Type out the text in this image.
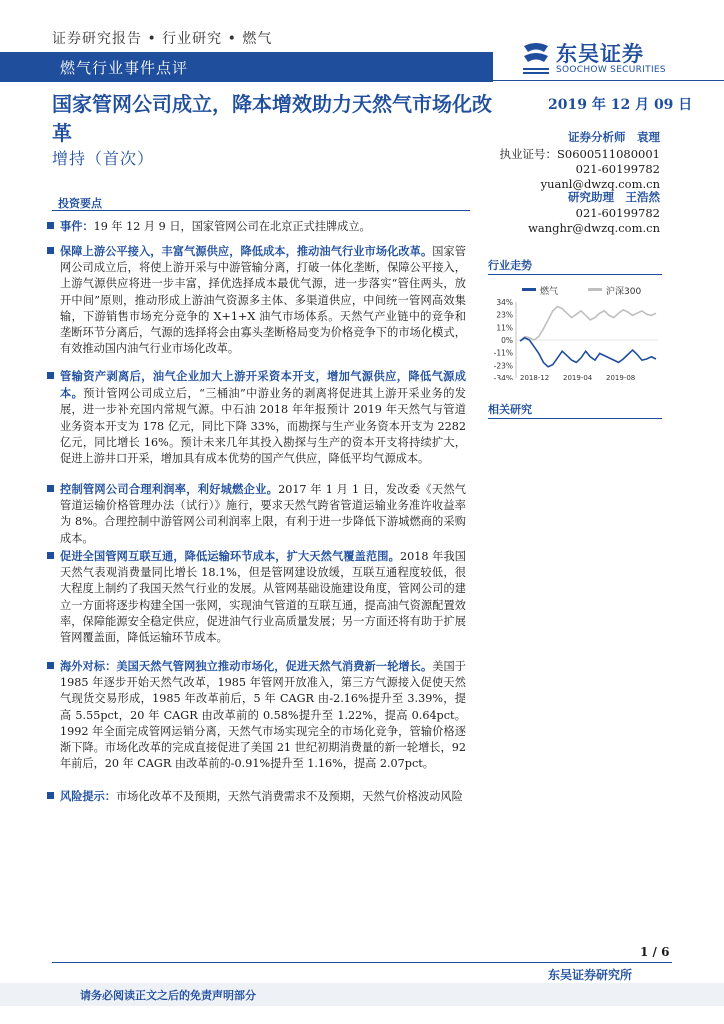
证券研究报告 • 行业研究 • 燃气
燃气行业事件点评
东吴证券
SOOCHOW SECURITIES
国家管网公司成立，降本增效助力天然气市场化改革
增持（首次）
2019 年 12 月 09 日
证券分析师　袁理
执业证号：S0600511080001
021-60199782
yuanl@dwzq.com.cn
研究助理　王浩然
021-60199782
wanghr@dwzq.com.cn
行业走势
燃气	沪深300
34%
23%
11%
0%
-11%
-23%
-34% 2018-12 2019-04 2019-08
相关研究
投资要点
事件：19 年 12 月 9 日，国家管网公司在北京正式挂牌成立。
保障上游公平接入，丰富气源供应，降低成本，推动油气行业市场化改革。国家管网公司成立后，将使上游开采与中游管输分离，打破一体化垄断，保障公平接入，上游气源供应将进一步丰富，择优选择成本最优气源，进一步落实“管住两头，放开中间”原则，推动形成上游油气资源多主体、多渠道供应，中间统一管网高效集输，下游销售市场充分竞争的 X+1+X 油气市场体系。天然气产业链中的竞争和垄断环节分离后，气源的选择将会由寡头垄断格局变为价格竞争下的市场化模式，有效推动国内油气行业市场化改革。
管输资产剥离后，油气企业加大上游开采资本开支，增加气源供应，降低气源成本。预计管网公司成立后，“三桶油”中游业务的剥离将促进其上游开采业务的发展，进一步补充国内常规气源。中石油 2018 年年报预计 2019 年天然气与管道业务资本开支为 178 亿元，同比下降 33%，而勘探与生产业务资本开支为 2282 亿元，同比增长 16%。预计未来几年其投入勘探与生产的资本开支将持续扩大，促进上游井口开采，增加具有成本优势的国产气供应，降低平均气源成本。
控制管网公司合理利润率，利好城燃企业。2017 年 1 月 1 日，发改委《天然气管道运输价格管理办法（试行）》施行，要求天然气跨省管道运输业务准许收益率为 8%。合理控制中游管网公司利润率上限，有利于进一步降低下游城燃商的采购成本。
促进全国管网互联互通，降低运输环节成本，扩大天然气覆盖范围。2018 年我国天然气表观消费量同比增长 18.1%，但是管网建设放缓，互联互通程度较低，很大程度上制约了我国天然气行业的发展。从管网基础设施建设角度，管网公司的建立一方面将逐步构建全国一张网，实现油气管道的互联互通，提高油气资源配置效率，保障能源安全稳定供应，促进油气行业高质量发展；另一方面还将有助于扩展管网覆盖面，降低运输环节成本。
海外对标：美国天然气管网独立推动市场化，促进天然气消费新一轮增长。美国于 1985 年逐步开始天然气改革，1985 年管网开放准入，第三方气源接入促使天然气现货交易形成，1985 年改革前后，5 年 CAGR 由-2.16%提升至 3.39%，提高 5.55pct，20 年 CAGR 由改革前的 0.58%提升至 1.22%，提高 0.64pct。1992 年全面完成管网运销分离，天然气市场实现完全的市场化竞争，管输价格逐渐下降。市场化改革的完成直接促进了美国 21 世纪初期消费量的新一轮增长，92 年前后，20 年 CAGR 由改革前的-0.91%提升至 1.16%，提高 2.07pct。
风险提示：市场化改革不及预期，天然气消费需求不及预期，天然气价格波动风险
1 / 6
东吴证券研究所
请务必阅读正文之后的免责声明部分
